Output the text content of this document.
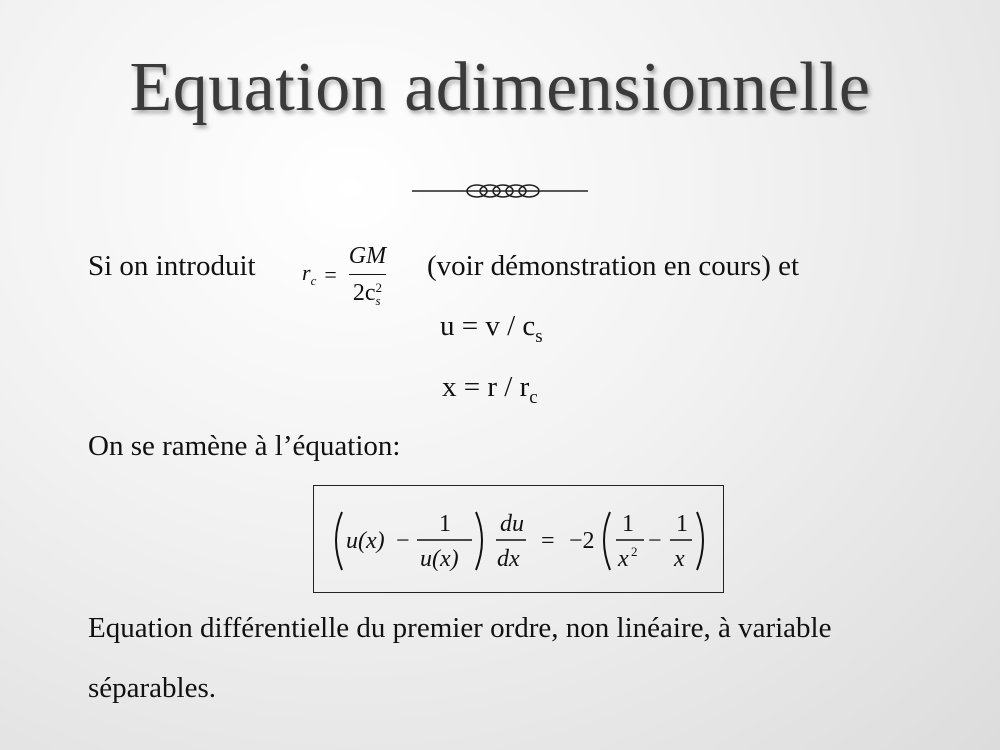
Equation adimensionnelle
Si on introduit $r_c$ = GM
2c 2
s (voir démonstration en cours) et
$u = v / c_s$
$x = r / r_c$
On se ramène à l’équation:
u(x) −
1
u(x)
du
dx
= −2
1
x 2 −
1
x
Equation différentielle du premier ordre, non linéaire, à variable
séparables.
